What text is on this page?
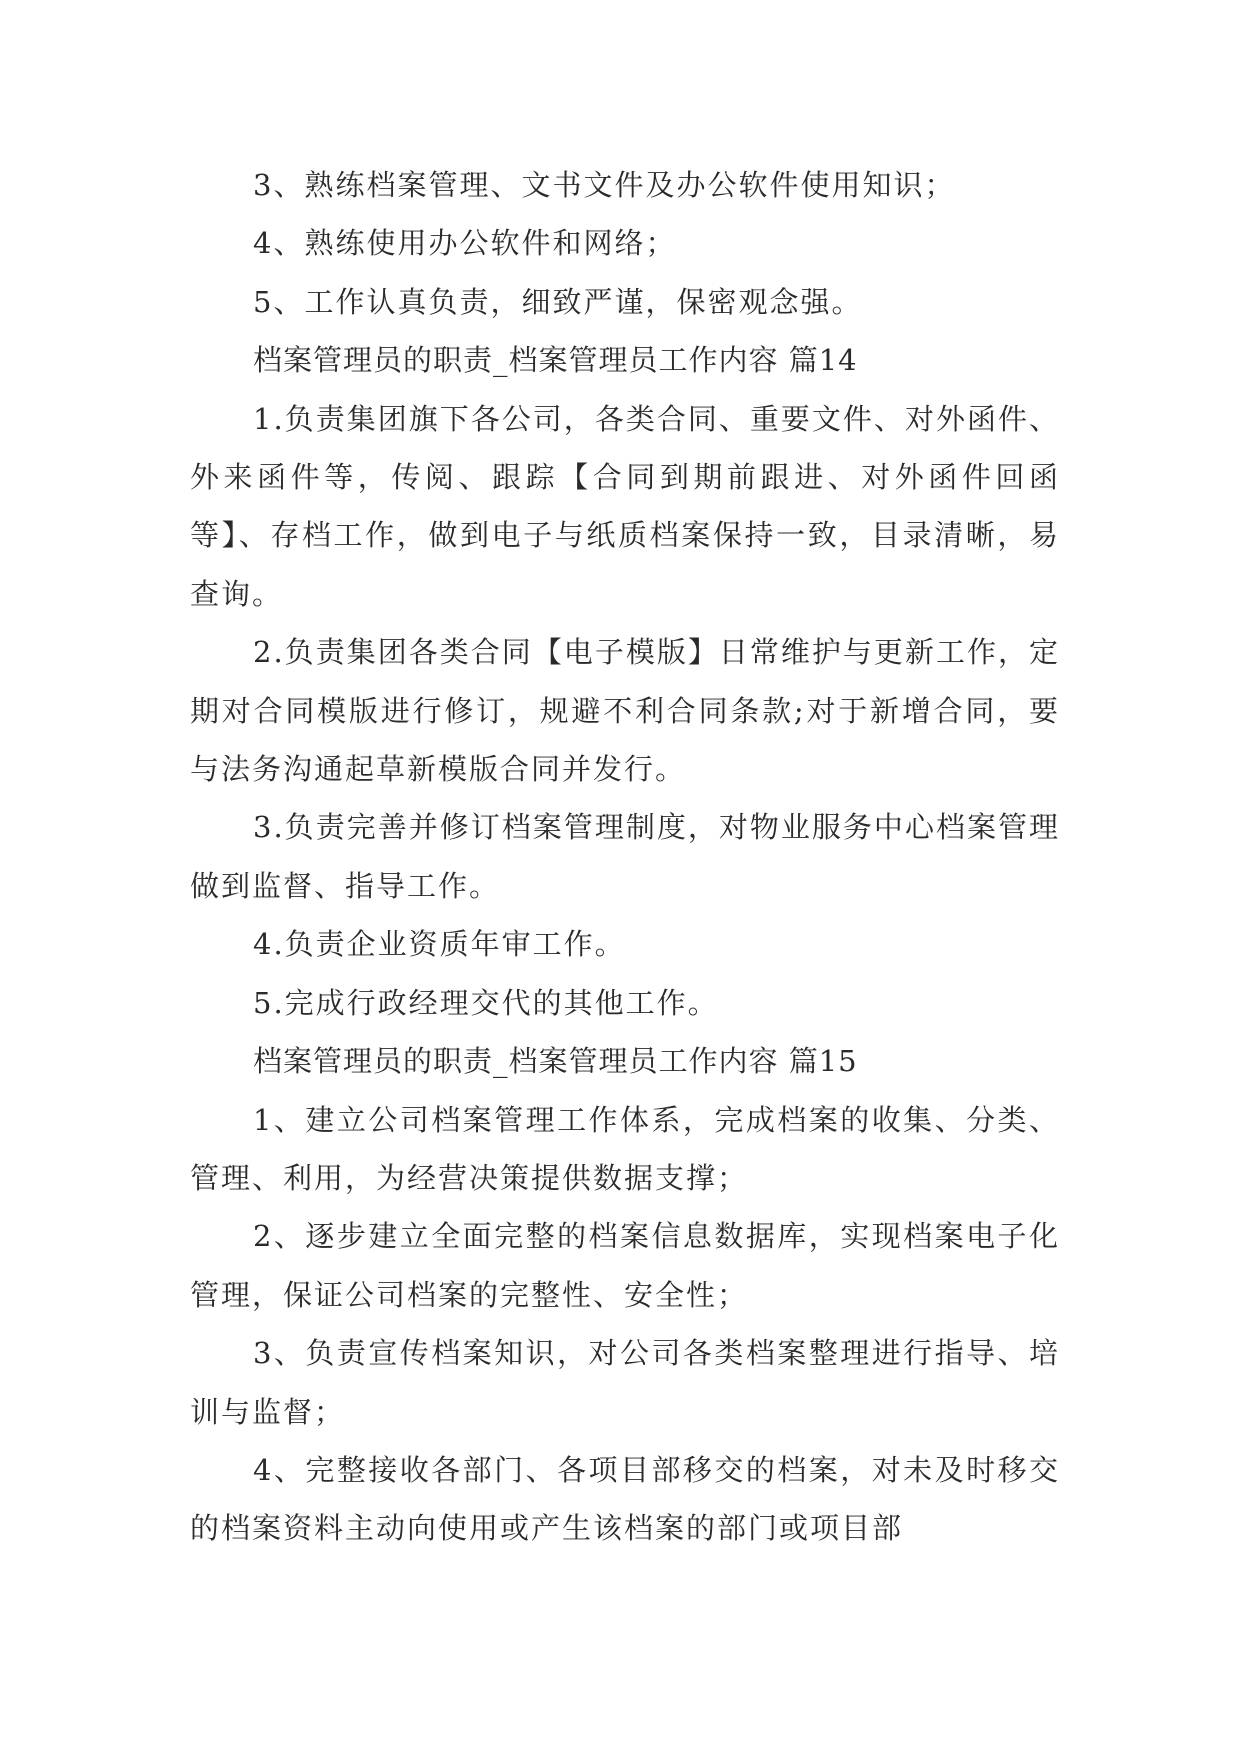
3、熟练档案管理、文书文件及办公软件使用知识；

4、熟练使用办公软件和网络；

5、工作认真负责，细致严谨，保密观念强。

档案管理员的职责_档案管理员工作内容 篇14

1.负责集团旗下各公司，各类合同、重要文件、对外函件、外来函件等，传阅、跟踪【合同到期前跟进、对外函件回函等】、存档工作，做到电子与纸质档案保持一致，目录清晰，易查询。

2.负责集团各类合同【电子模版】日常维护与更新工作，定期对合同模版进行修订，规避不利合同条款;对于新增合同，要与法务沟通起草新模版合同并发行。

3.负责完善并修订档案管理制度，对物业服务中心档案管理做到监督、指导工作。

4.负责企业资质年审工作。

5.完成行政经理交代的其他工作。

档案管理员的职责_档案管理员工作内容 篇15

1、建立公司档案管理工作体系，完成档案的收集、分类、管理、利用，为经营决策提供数据支撑；

2、逐步建立全面完整的档案信息数据库，实现档案电子化管理，保证公司档案的完整性、安全性；

3、负责宣传档案知识，对公司各类档案整理进行指导、培训与监督；

4、完整接收各部门、各项目部移交的档案，对未及时移交的档案资料主动向使用或产生该档案的部门或项目部
